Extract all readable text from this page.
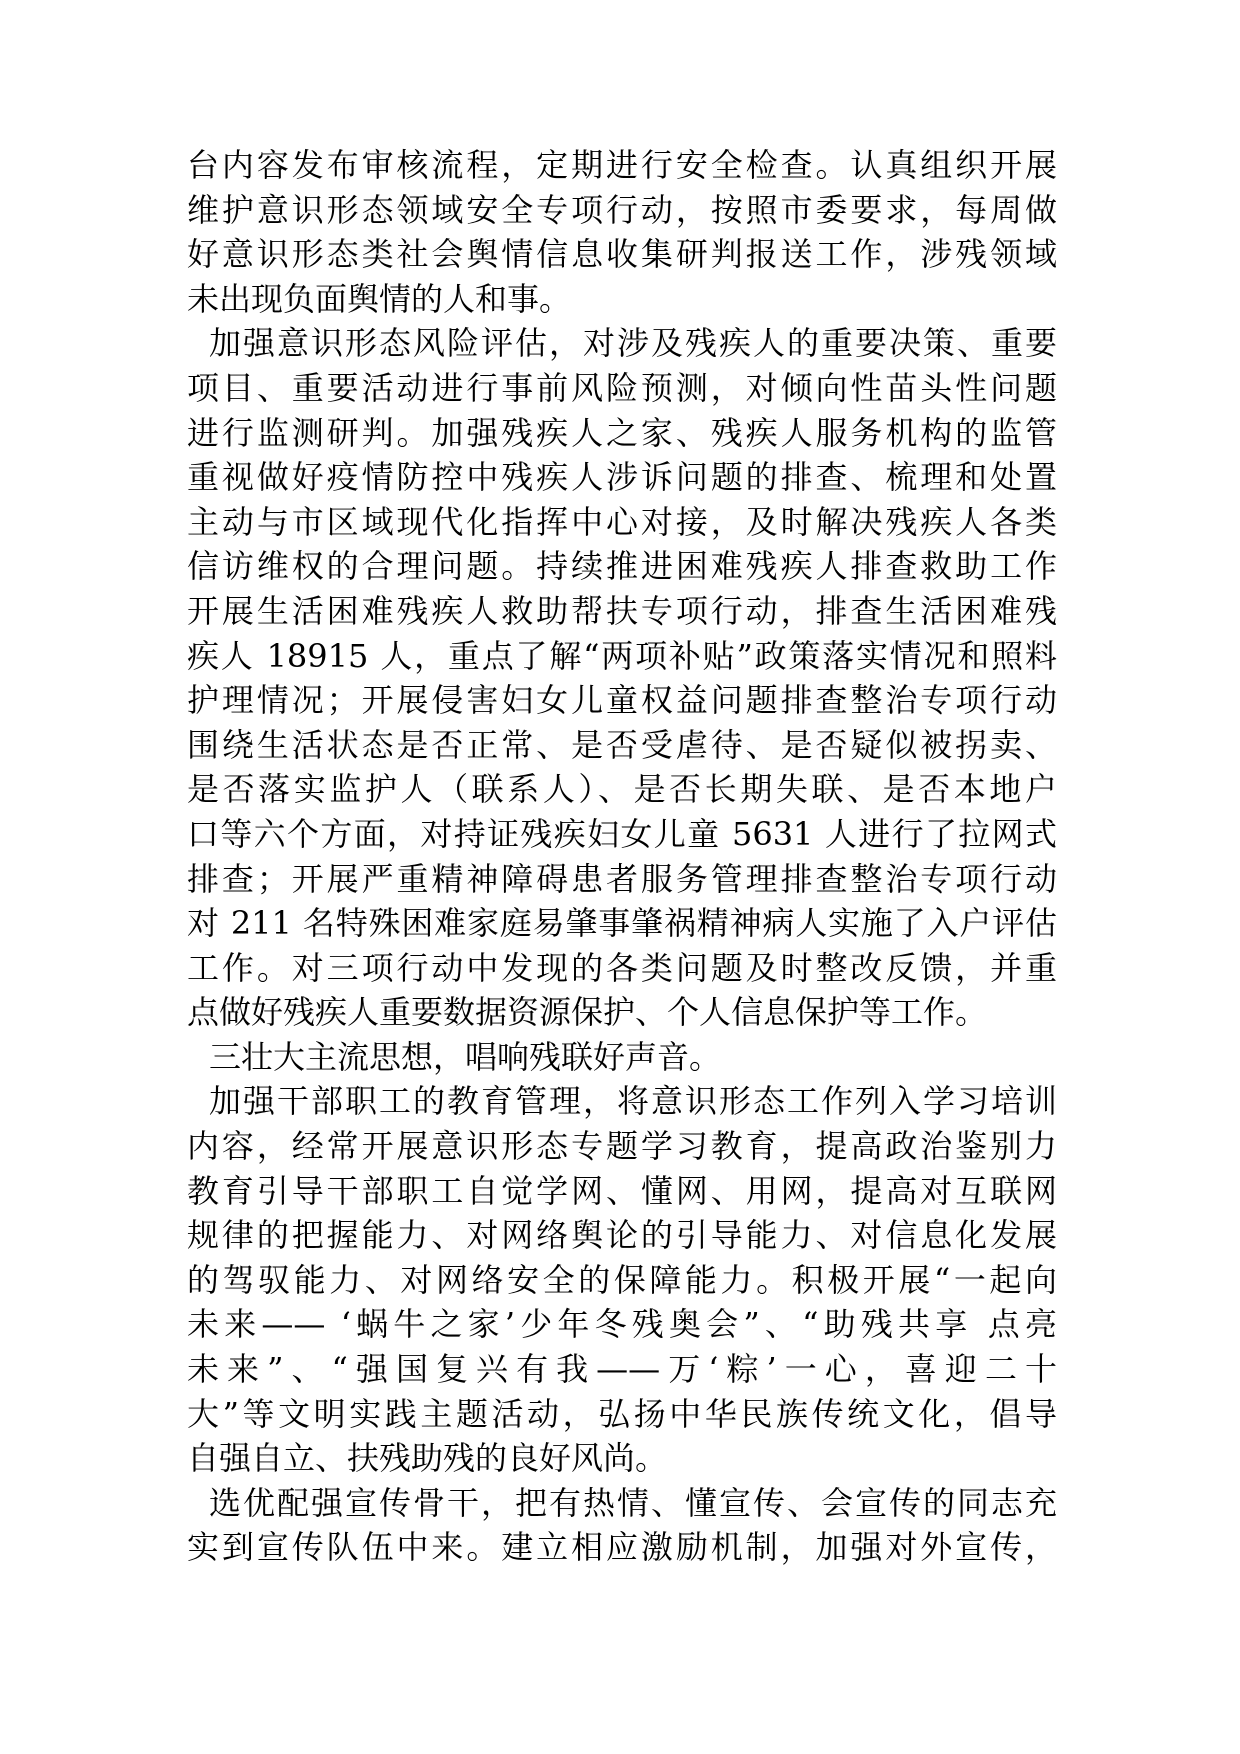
台内容发布审核流程，定期进行安全检查。认真组织开展
维护意识形态领域安全专项行动，按照市委要求，每周做
好意识形态类社会舆情信息收集研判报送工作，涉残领域
未出现负面舆情的人和事。
加强意识形态风险评估，对涉及残疾人的重要决策、重要
项目、重要活动进行事前风险预测，对倾向性苗头性问题
进行监测研判。加强残疾人之家、残疾人服务机构的监管
重视做好疫情防控中残疾人涉诉问题的排查、梳理和处置
主动与市区域现代化指挥中心对接，及时解决残疾人各类
信访维权的合理问题。持续推进困难残疾人排查救助工作
开展生活困难残疾人救助帮扶专项行动，排查生活困难残
疾人 18915 人，重点了解“两项补贴”政策落实情况和照料
护理情况；开展侵害妇女儿童权益问题排查整治专项行动
围绕生活状态是否正常、是否受虐待、是否疑似被拐卖、
是否落实监护人（联系人）、是否长期失联、是否本地户
口等六个方面，对持证残疾妇女儿童 5631 人进行了拉网式
排查；开展严重精神障碍患者服务管理排查整治专项行动
对 211 名特殊困难家庭易肇事肇祸精神病人实施了入户评估
工作。对三项行动中发现的各类问题及时整改反馈，并重
点做好残疾人重要数据资源保护、个人信息保护等工作。
三壮大主流思想，唱响残联好声音。
加强干部职工的教育管理，将意识形态工作列入学习培训
内容，经常开展意识形态专题学习教育，提高政治鉴别力
教育引导干部职工自觉学网、懂网、用网，提高对互联网
规律的把握能力、对网络舆论的引导能力、对信息化发展
的驾驭能力、对网络安全的保障能力。积极开展“一起向
未来—— ‘蜗牛之家’少年冬残奥会”、“助残共享 点亮
未来”、“强国复兴有我——万‘粽’一心，喜迎二十
大”等文明实践主题活动，弘扬中华民族传统文化，倡导
自强自立、扶残助残的良好风尚。
选优配强宣传骨干，把有热情、懂宣传、会宣传的同志充
实到宣传队伍中来。建立相应激励机制，加强对外宣传，
